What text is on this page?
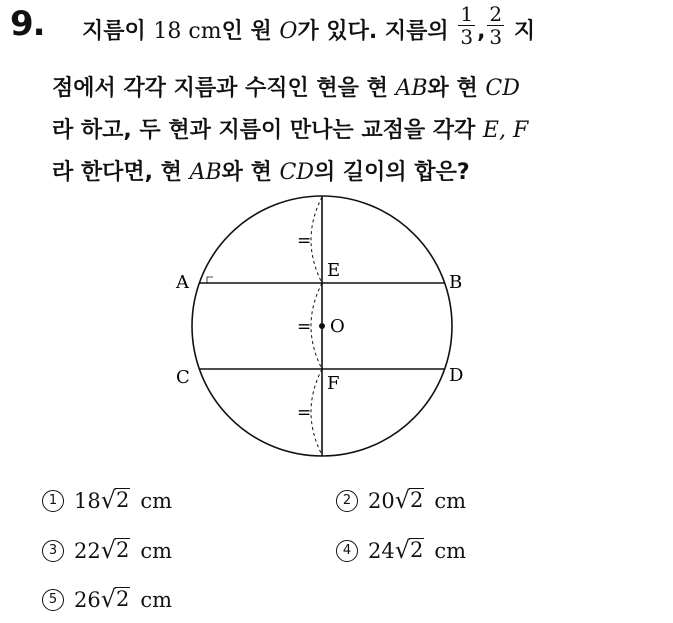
9. 지름이 18 cm인 원 O가 있다. 지름의 $\frac{1}{3}$ , $\frac{2}{3}$ 지
점에서 각각 지름과 수직인 현을 현 AB와 현 CD
라 하고, 두 현과 지름이 만나는 교점을 각각 E, F
라 한다면, 현 AB와 현 CD의 길이의 합은?
=
=
=
A	B
C	D
E
F
O
1 18 √ 2 cm	2 20 √ 2 cm
3 22 √ 2 cm	4 24 √ 2 cm
5 26 √ 2 cm
